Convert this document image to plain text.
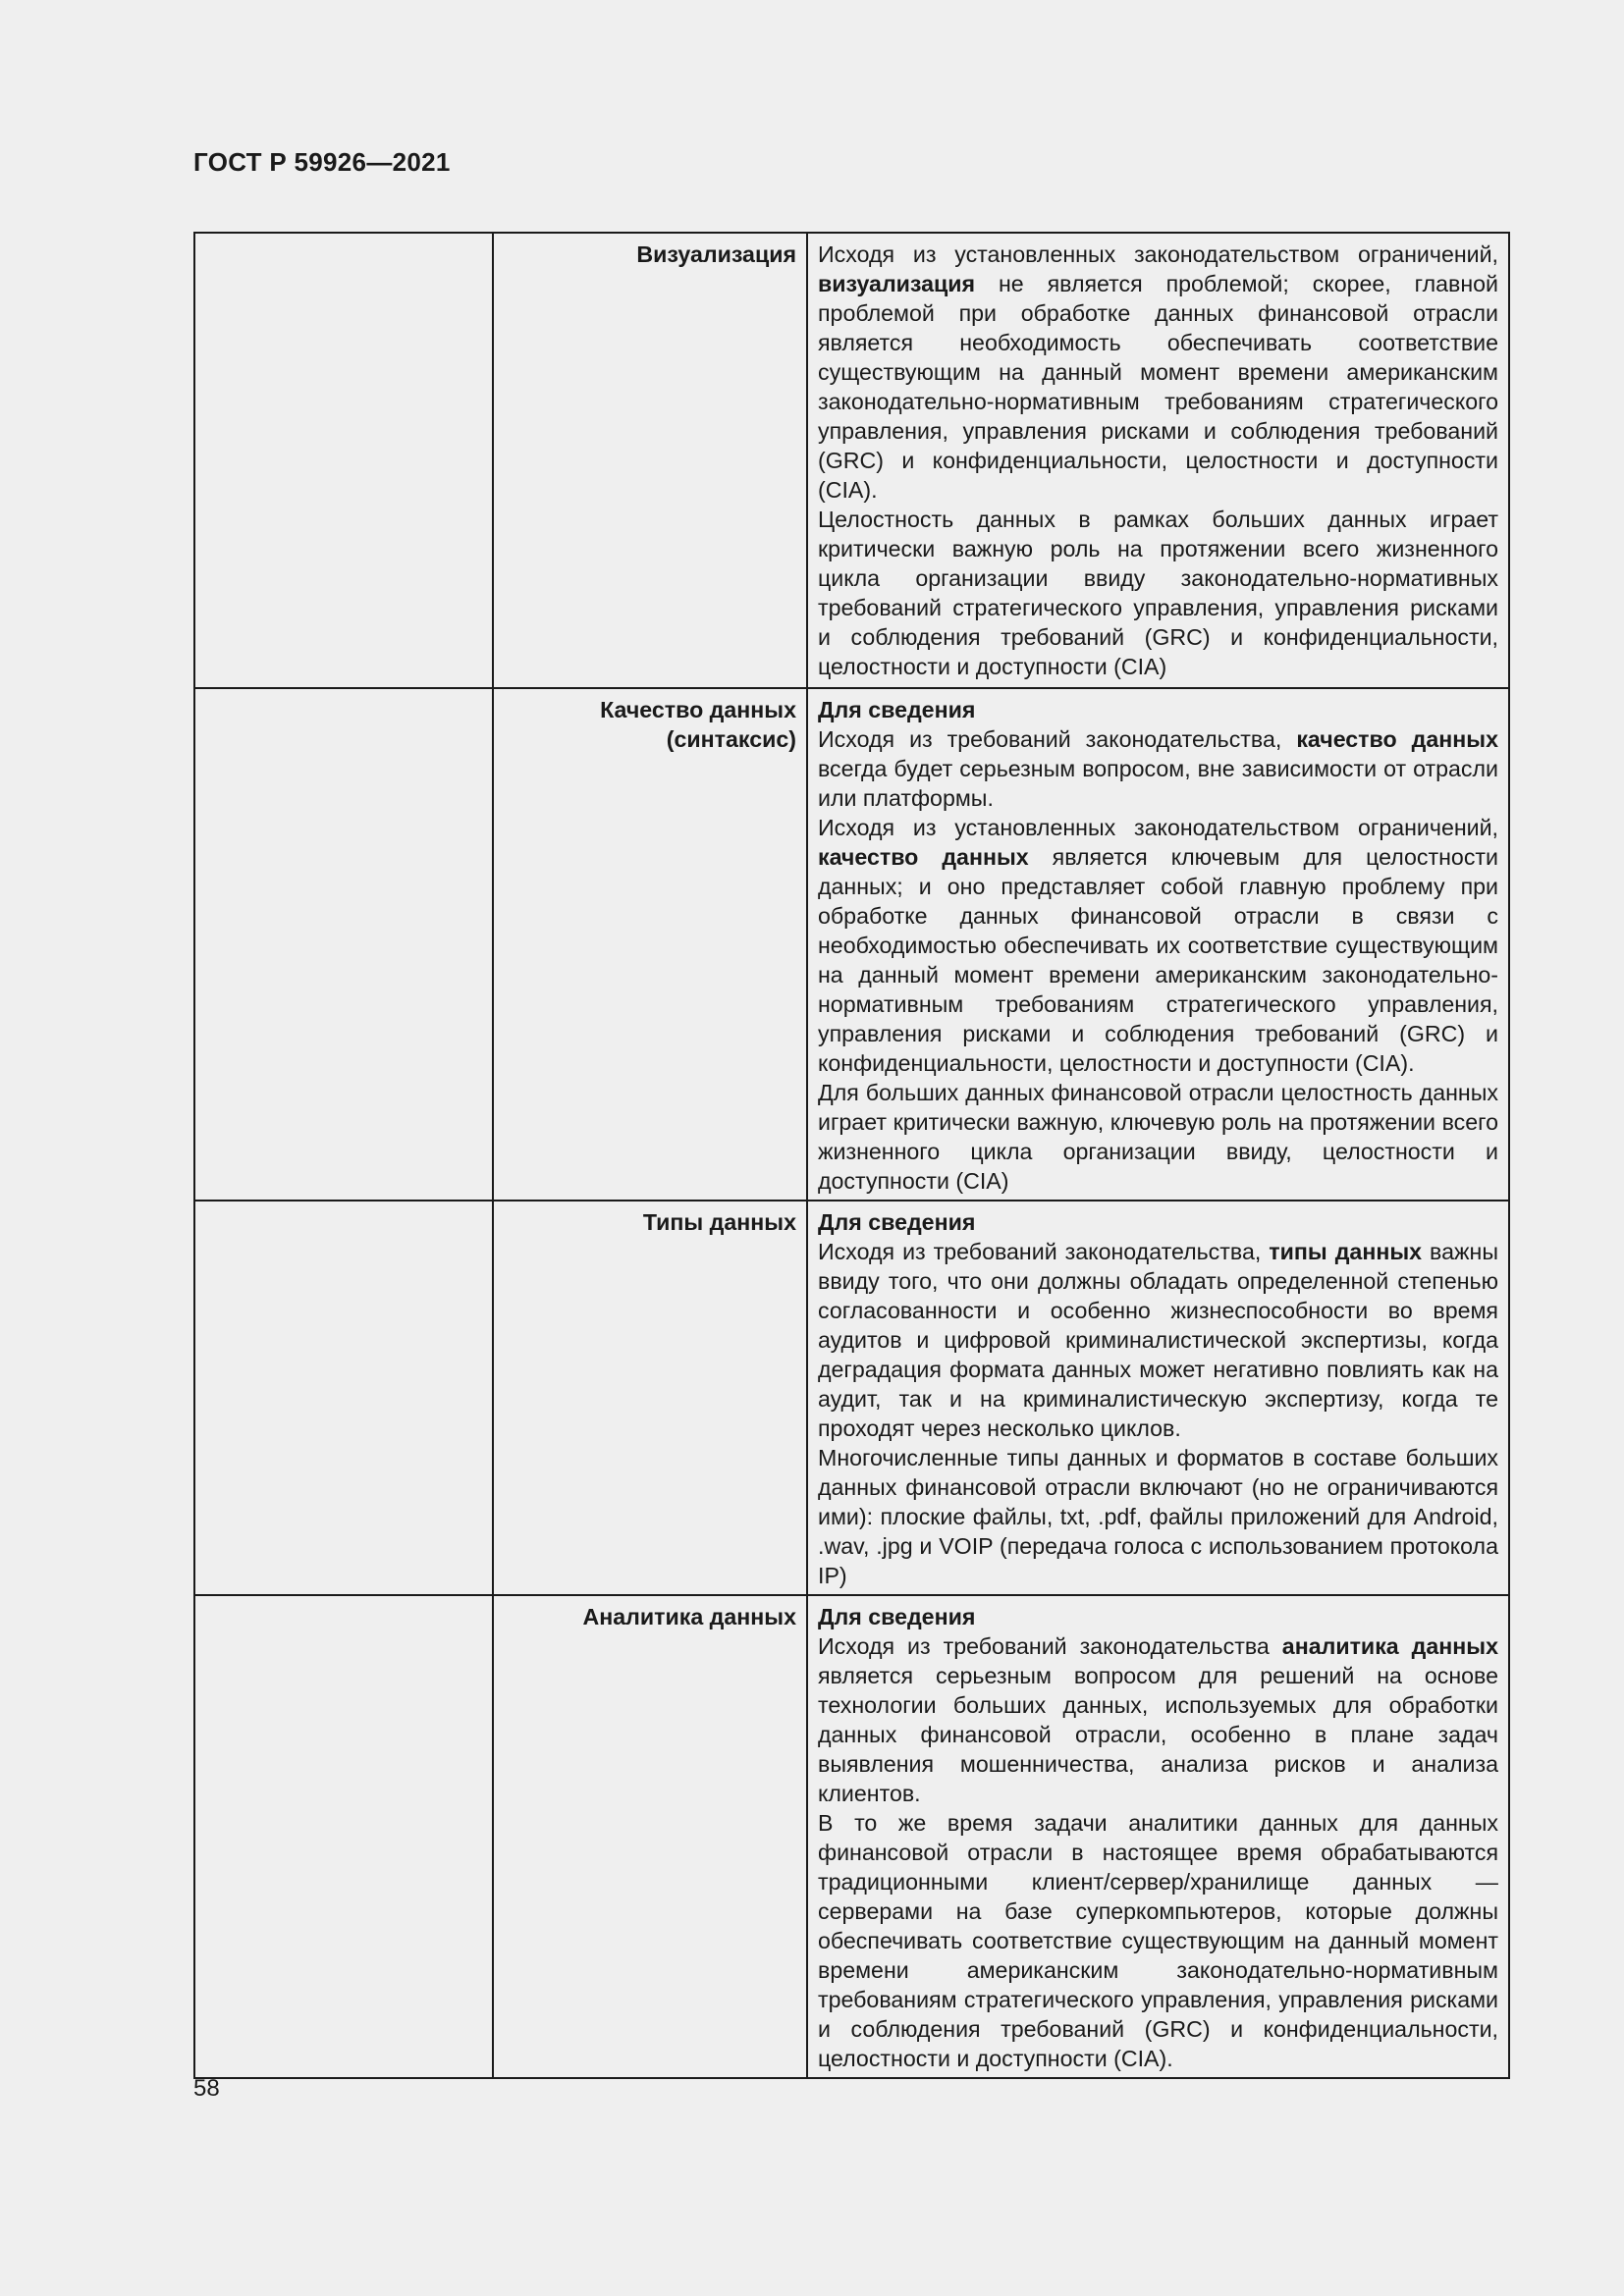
ГОСТ Р 59926—2021
	Визуализация	Исходя из установленных законодательством ограничений, визуализация не является проблемой; скорее, главной проблемой при обработке данных финансовой отрасли является необходимость обеспечивать соответствие существующим на данный момент времени американским законодательно-нормативным требованиям стратегического управления, управления рисками и соблюдения требований (GRC) и конфиденциальности, целостности и доступности (CIA).

Целостность данных в рамках больших данных играет критически важную роль на протяжении всего жизненного цикла организации ввиду законодательно-нормативных требований стратегического управления, управления рисками и соблюдения требований (GRC) и конфиденциальности, целостности и доступности (CIA)

	Качество данных (синтаксис)	Для сведения

Исходя из требований законодательства, качество данных всегда будет серьезным вопросом, вне зависимости от отрасли или платформы.

Исходя из установленных законодательством ограничений, качество данных является ключевым для целостности данных; и оно представляет собой главную проблему при обработке данных финансовой отрасли в связи с необходимостью обеспечивать их соответствие существующим на данный момент времени американским законодательно-нормативным требованиям стратегического управления, управления рисками и соблюдения требований (GRC) и конфиденциальности, целостности и доступности (CIA).

Для больших данных финансовой отрасли целостность данных играет критически важную, ключевую роль на протяжении всего жизненного цикла организации ввиду, целостности и доступности (CIA)

	Типы данных	Для сведения

Исходя из требований законодательства, типы данных важны ввиду того, что они должны обладать определенной степенью согласованности и особенно жизнеспособности во время аудитов и цифровой криминалистической экспертизы, когда деградация формата данных может негативно повлиять как на аудит, так и на криминалистическую экспертизу, когда те проходят через несколько циклов.

Многочисленные типы данных и форматов в составе больших данных финансовой отрасли включают (но не ограничиваются ими): плоские файлы, txt, .pdf, файлы приложений для Android, .wav, .jpg и VOIP (передача голоса с использованием протокола IP)

	Аналитика данных	Для сведения

Исходя из требований законодательства аналитика данных является серьезным вопросом для решений на основе технологии больших данных, используемых для обработки данных финансовой отрасли, особенно в плане задач выявления мошенничества, анализа рисков и анализа клиентов.

В то же время задачи аналитики данных для данных финансовой отрасли в настоящее время обрабатываются традиционными клиент/сервер/хранилище данных — серверами на базе суперкомпьютеров, которые должны обеспечивать соответствие существующим на данный момент времени американским законодательно-нормативным требованиям стратегического управления, управления рисками и соблюдения требований (GRC) и конфиденциальности, целостности и доступности (CIA).

58
